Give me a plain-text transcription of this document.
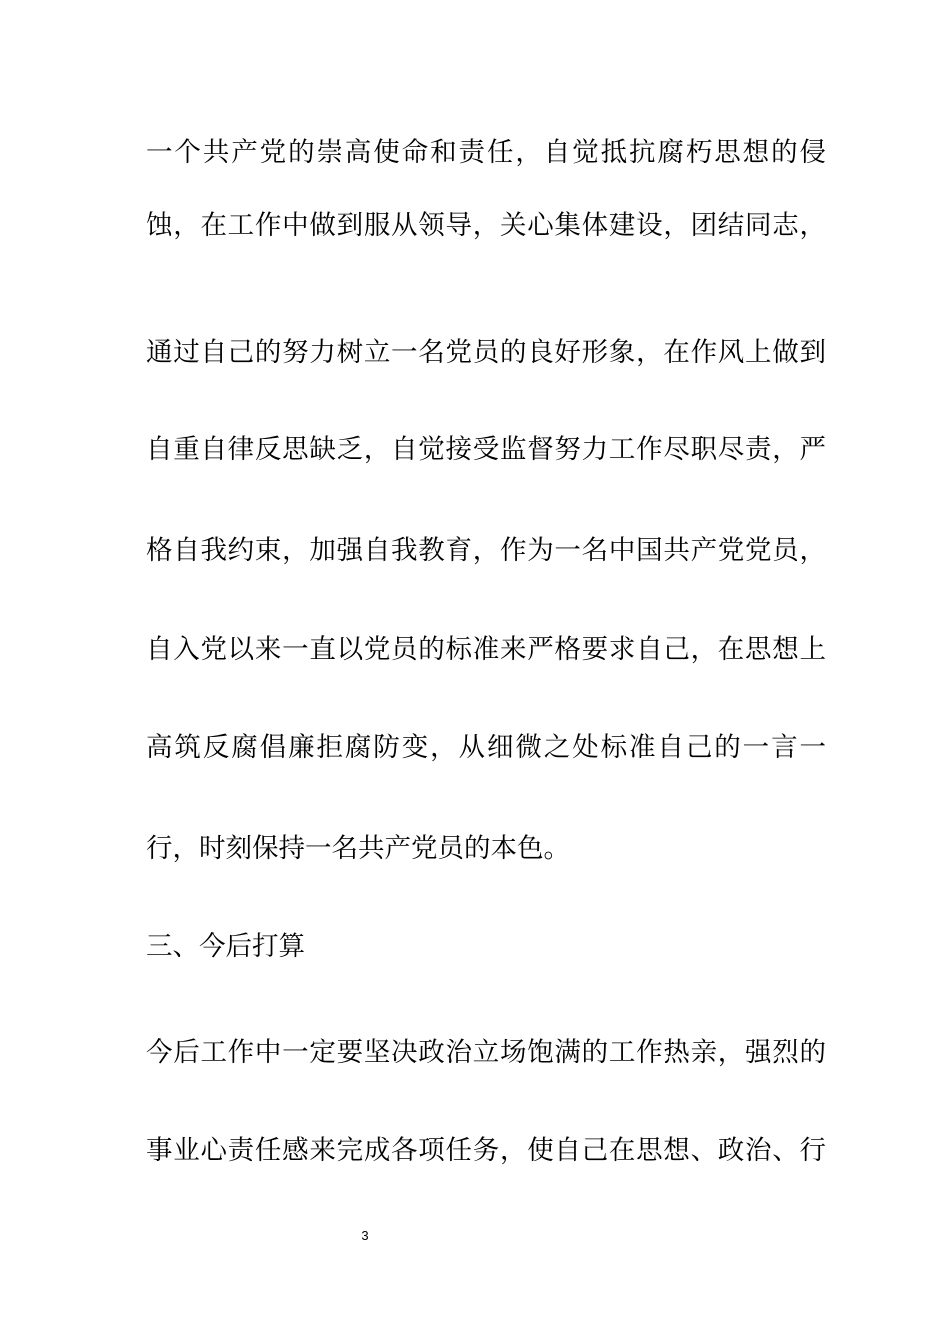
一个共产党的崇高使命和责任，自觉抵抗腐朽思想的侵
蚀，在工作中做到服从领导，关心集体建设，团结同志，
通过自己的努力树立一名党员的良好形象，在作风上做到
自重自律反思缺乏，自觉接受监督努力工作尽职尽责，严
格自我约束，加强自我教育，作为一名中国共产党党员，
自入党以来一直以党员的标准来严格要求自己，在思想上
高筑反腐倡廉拒腐防变，从细微之处标准自己的一言一
行，时刻保持一名共产党员的本色。
三、今后打算
今后工作中一定要坚决政治立场饱满的工作热亲，强烈的
事业心责任感来完成各项任务，使自己在思想、政治、行
3
